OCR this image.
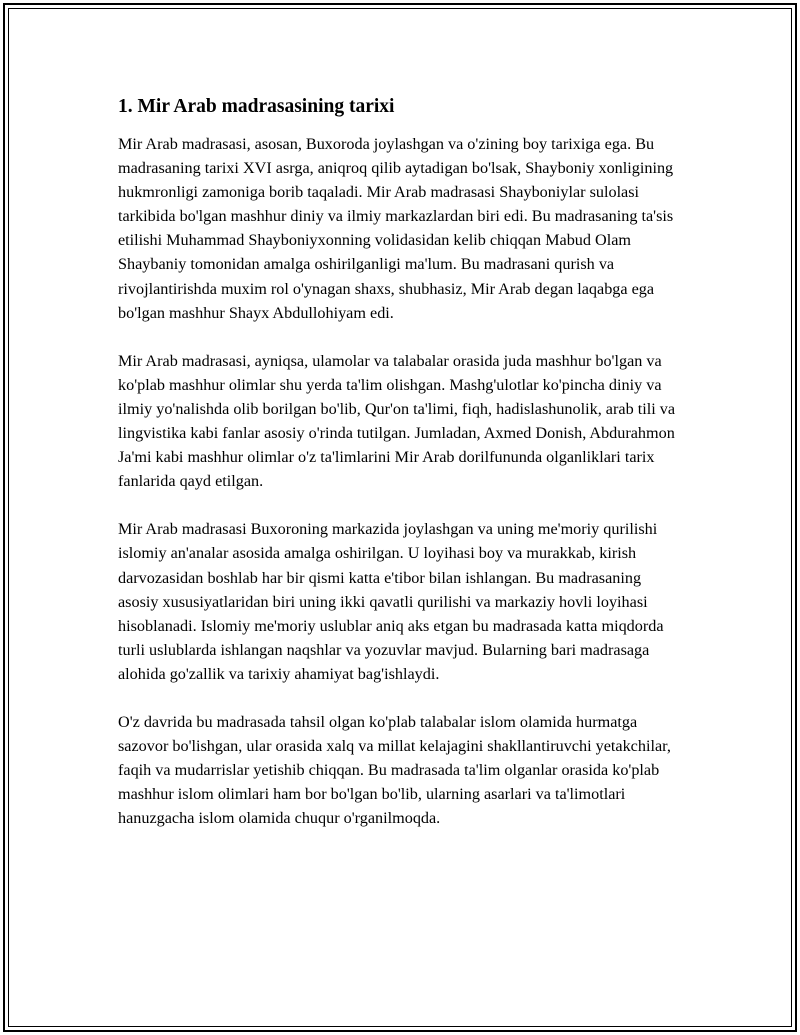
1. Mir Arab madrasasining tarixi

Mir Arab madrasasi, asosan, Buxoroda joylashgan va o'zining boy tarixiga ega. Bu madrasaning tarixi XVI asrga, aniqroq qilib aytadigan bo'lsak, Shayboniy xonligining hukmronligi zamoniga borib taqaladi. Mir Arab madrasasi Shayboniylar sulolasi tarkibida bo'lgan mashhur diniy va ilmiy markazlardan biri edi. Bu madrasaning ta'sis etilishi Muhammad Shayboniyxonning volidasidan kelib chiqqan Mabud Olam Shaybaniy tomonidan amalga oshirilganligi ma'lum. Bu madrasani qurish va rivojlantirishda muxim rol o'ynagan shaxs, shubhasiz, Mir Arab degan laqabga ega bo'lgan mashhur Shayx Abdullohiyam edi.

Mir Arab madrasasi, ayniqsa, ulamolar va talabalar orasida juda mashhur bo'lgan va ko'plab mashhur olimlar shu yerda ta'lim olishgan. Mashg'ulotlar ko'pincha diniy va ilmiy yo'nalishda olib borilgan bo'lib, Qur'on ta'limi, fiqh, hadislashunolik, arab tili va lingvistika kabi fanlar asosiy o'rinda tutilgan. Jumladan, Axmed Donish, Abdurahmon Ja'mi kabi mashhur olimlar o'z ta'limlarini Mir Arab dorilfununda olganliklari tarix fanlarida qayd etilgan.

Mir Arab madrasasi Buxoroning markazida joylashgan va uning me'moriy qurilishi islomiy an'analar asosida amalga oshirilgan. U loyihasi boy va murakkab, kirish darvozasidan boshlab har bir qismi katta e'tibor bilan ishlangan. Bu madrasaning asosiy xususiyatlaridan biri uning ikki qavatli qurilishi va markaziy hovli loyihasi hisoblanadi. Islomiy me'moriy uslublar aniq aks etgan bu madrasada katta miqdorda turli uslublarda ishlangan naqshlar va yozuvlar mavjud. Bularning bari madrasaga alohida go'zallik va tarixiy ahamiyat bag'ishlaydi.

O'z davrida bu madrasada tahsil olgan ko'plab talabalar islom olamida hurmatga sazovor bo'lishgan, ular orasida xalq va millat kelajagini shakllantiruvchi yetakchilar, faqih va mudarrislar yetishib chiqqan. Bu madrasada ta'lim olganlar orasida ko'plab mashhur islom olimlari ham bor bo'lgan bo'lib, ularning asarlari va ta'limotlari hanuzgacha islom olamida chuqur o'rganilmoqda.
